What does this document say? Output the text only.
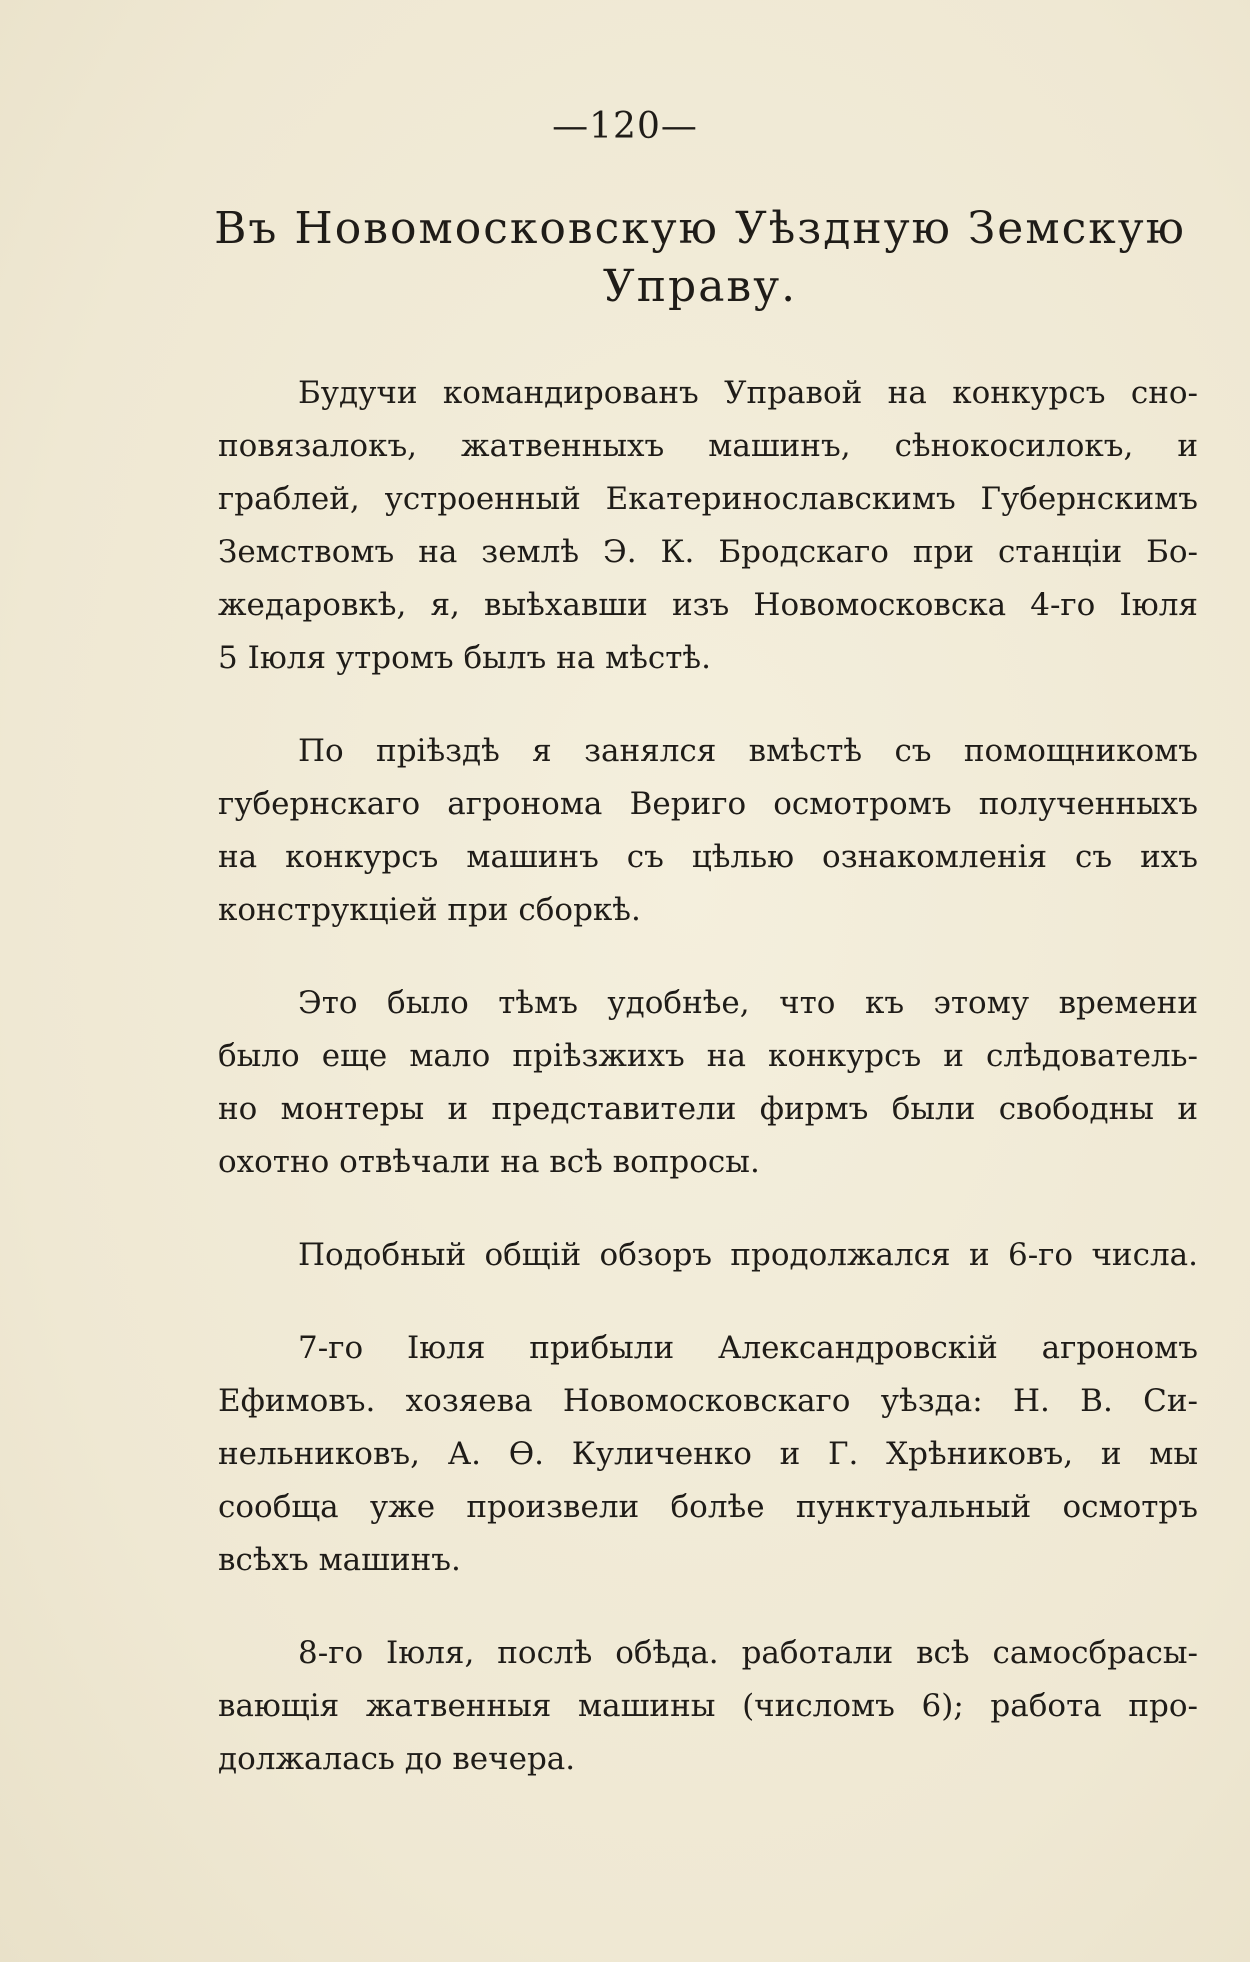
—120—
Въ Новомосковскую Уѣздную Земскую
Управу.
Будучи командированъ Управой на конкурсъ сно-
повязалокъ, жатвенныхъ машинъ, сѣнокосилокъ, и
граблей, устроенный Екатеринославскимъ Губернскимъ
Земствомъ на землѣ Э. К. Бродскаго при станціи Бо-
жедаровкѣ, я, выѣхавши изъ Новомосковска 4-го Іюля
5 Іюля утромъ былъ на мѣстѣ.
По пріѣздѣ я занялся вмѣстѣ съ помощникомъ
губернскаго агронома Вериго осмотромъ полученныхъ
на конкурсъ машинъ съ цѣлью ознакомленія съ ихъ
конструкціей при сборкѣ.
Это было тѣмъ удобнѣе, что къ этому времени
было еще мало пріѣзжихъ на конкурсъ и слѣдователь-
но монтеры и представители фирмъ были свободны и
охотно отвѣчали на всѣ вопросы.
Подобный общій обзоръ продолжался и 6-го числа.
7-го Іюля прибыли Александровскій агрономъ
Ефимовъ. хозяева Новомосковскаго уѣзда: Н. В. Си-
нельниковъ, А. Ѳ. Куличенко и Г. Хрѣниковъ, и мы
сообща уже произвели болѣе пунктуальный осмотръ
всѣхъ машинъ.
8-го Іюля, послѣ обѣда. работали всѣ самосбрасы-
вающія жатвенныя машины (числомъ 6); работа про-
должалась до вечера.
